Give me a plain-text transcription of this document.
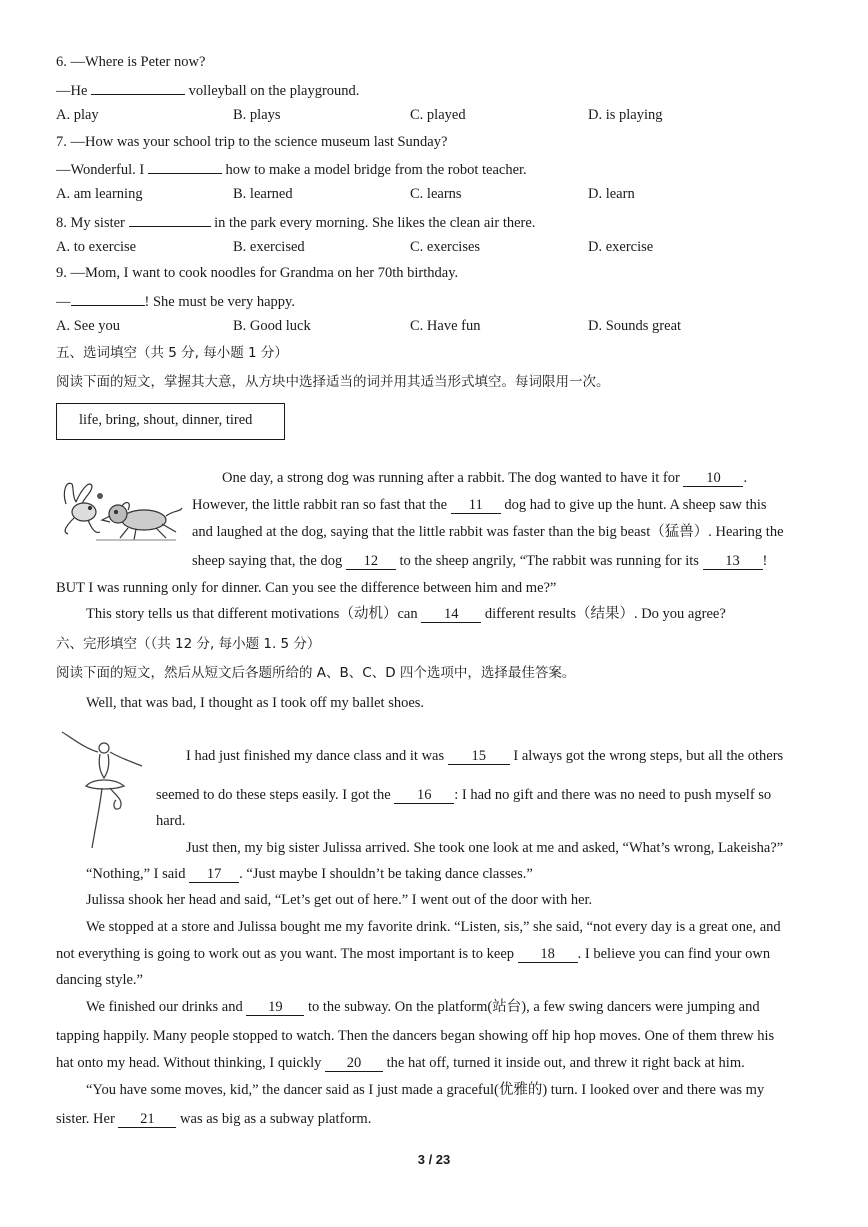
6. —Where is Peter now?
—He	volleyball on the playground.
A. play	B. plays	C. played	D. is playing
7. —How was your school trip to the science museum last Sunday?
—Wonderful. I	how to make a model bridge from the robot teacher.
A. am learning	B. learned	C. learns	D. learn
8. My sister	in the park every morning. She likes the clean air there.
A. to exercise	B. exercised	C. exercises	D. exercise
9. —Mom, I want to cook noodles for Grandma on her 70th birthday.
—	! She must be very happy.
A. See you	B. Good luck	C. Have fun	D. Sounds great
五、选词填空（共 5 分, 每小题 1 分）
阅读下面的短文，掌握其大意，从方块中选择适当的词并用其适当形式填空。每词限用一次。
life, bring, shout, dinner, tired
One day, a strong dog was running after a rabbit. The dog wanted to have it for 10 .
However, the little rabbit ran so fast that the 11 dog had to give up the hunt. A sheep saw this
and laughed at the dog, saying that the little rabbit was faster than the big beast（猛兽）. Hearing the
sheep saying that, the dog 12 to the sheep angrily, “The rabbit was running for its 13 !
BUT I was running only for dinner. Can you see the difference between him and me?”
This story tells us that different motivations（动机）can 14 different results（结果）. Do you agree?
六、完形填空（（共 12 分, 每小题 1. 5 分）
阅读下面的短文，然后从短文后各题所给的 A、B、C、D 四个选项中，选择最佳答案。
Well, that was bad, I thought as I took off my ballet shoes.
I had just finished my dance class and it was 15 I always got the wrong steps, but all the others
seemed to do these steps easily. I got the 16 : I had no gift and there was no need to push myself so
hard.
Just then, my big sister Julissa arrived. She took one look at me and asked, “What’s wrong, Lakeisha?”
“Nothing,” I said 17 . “Just maybe I shouldn’t be taking dance classes.”
Julissa shook her head and said, “Let’s get out of here.” I went out of the door with her.
We stopped at a store and Julissa bought me my favorite drink. “Listen, sis,” she said, “not every day is a great one, and
not everything is going to work out as you want. The most important is to keep 18 . I believe you can find your own
dancing style.”
We finished our drinks and 19 to the subway. On the platform(站台), a few swing dancers were jumping and
tapping happily. Many people stopped to watch. Then the dancers began showing off hip hop moves. One of them threw his
hat onto my head. Without thinking, I quickly 20 the hat off, turned it inside out, and threw it right back at him.
“You have some moves, kid,” the dancer said as I just made a graceful(优雅的) turn. I looked over and there was my
sister. Her 21 was as big as a subway platform.
3 / 23
